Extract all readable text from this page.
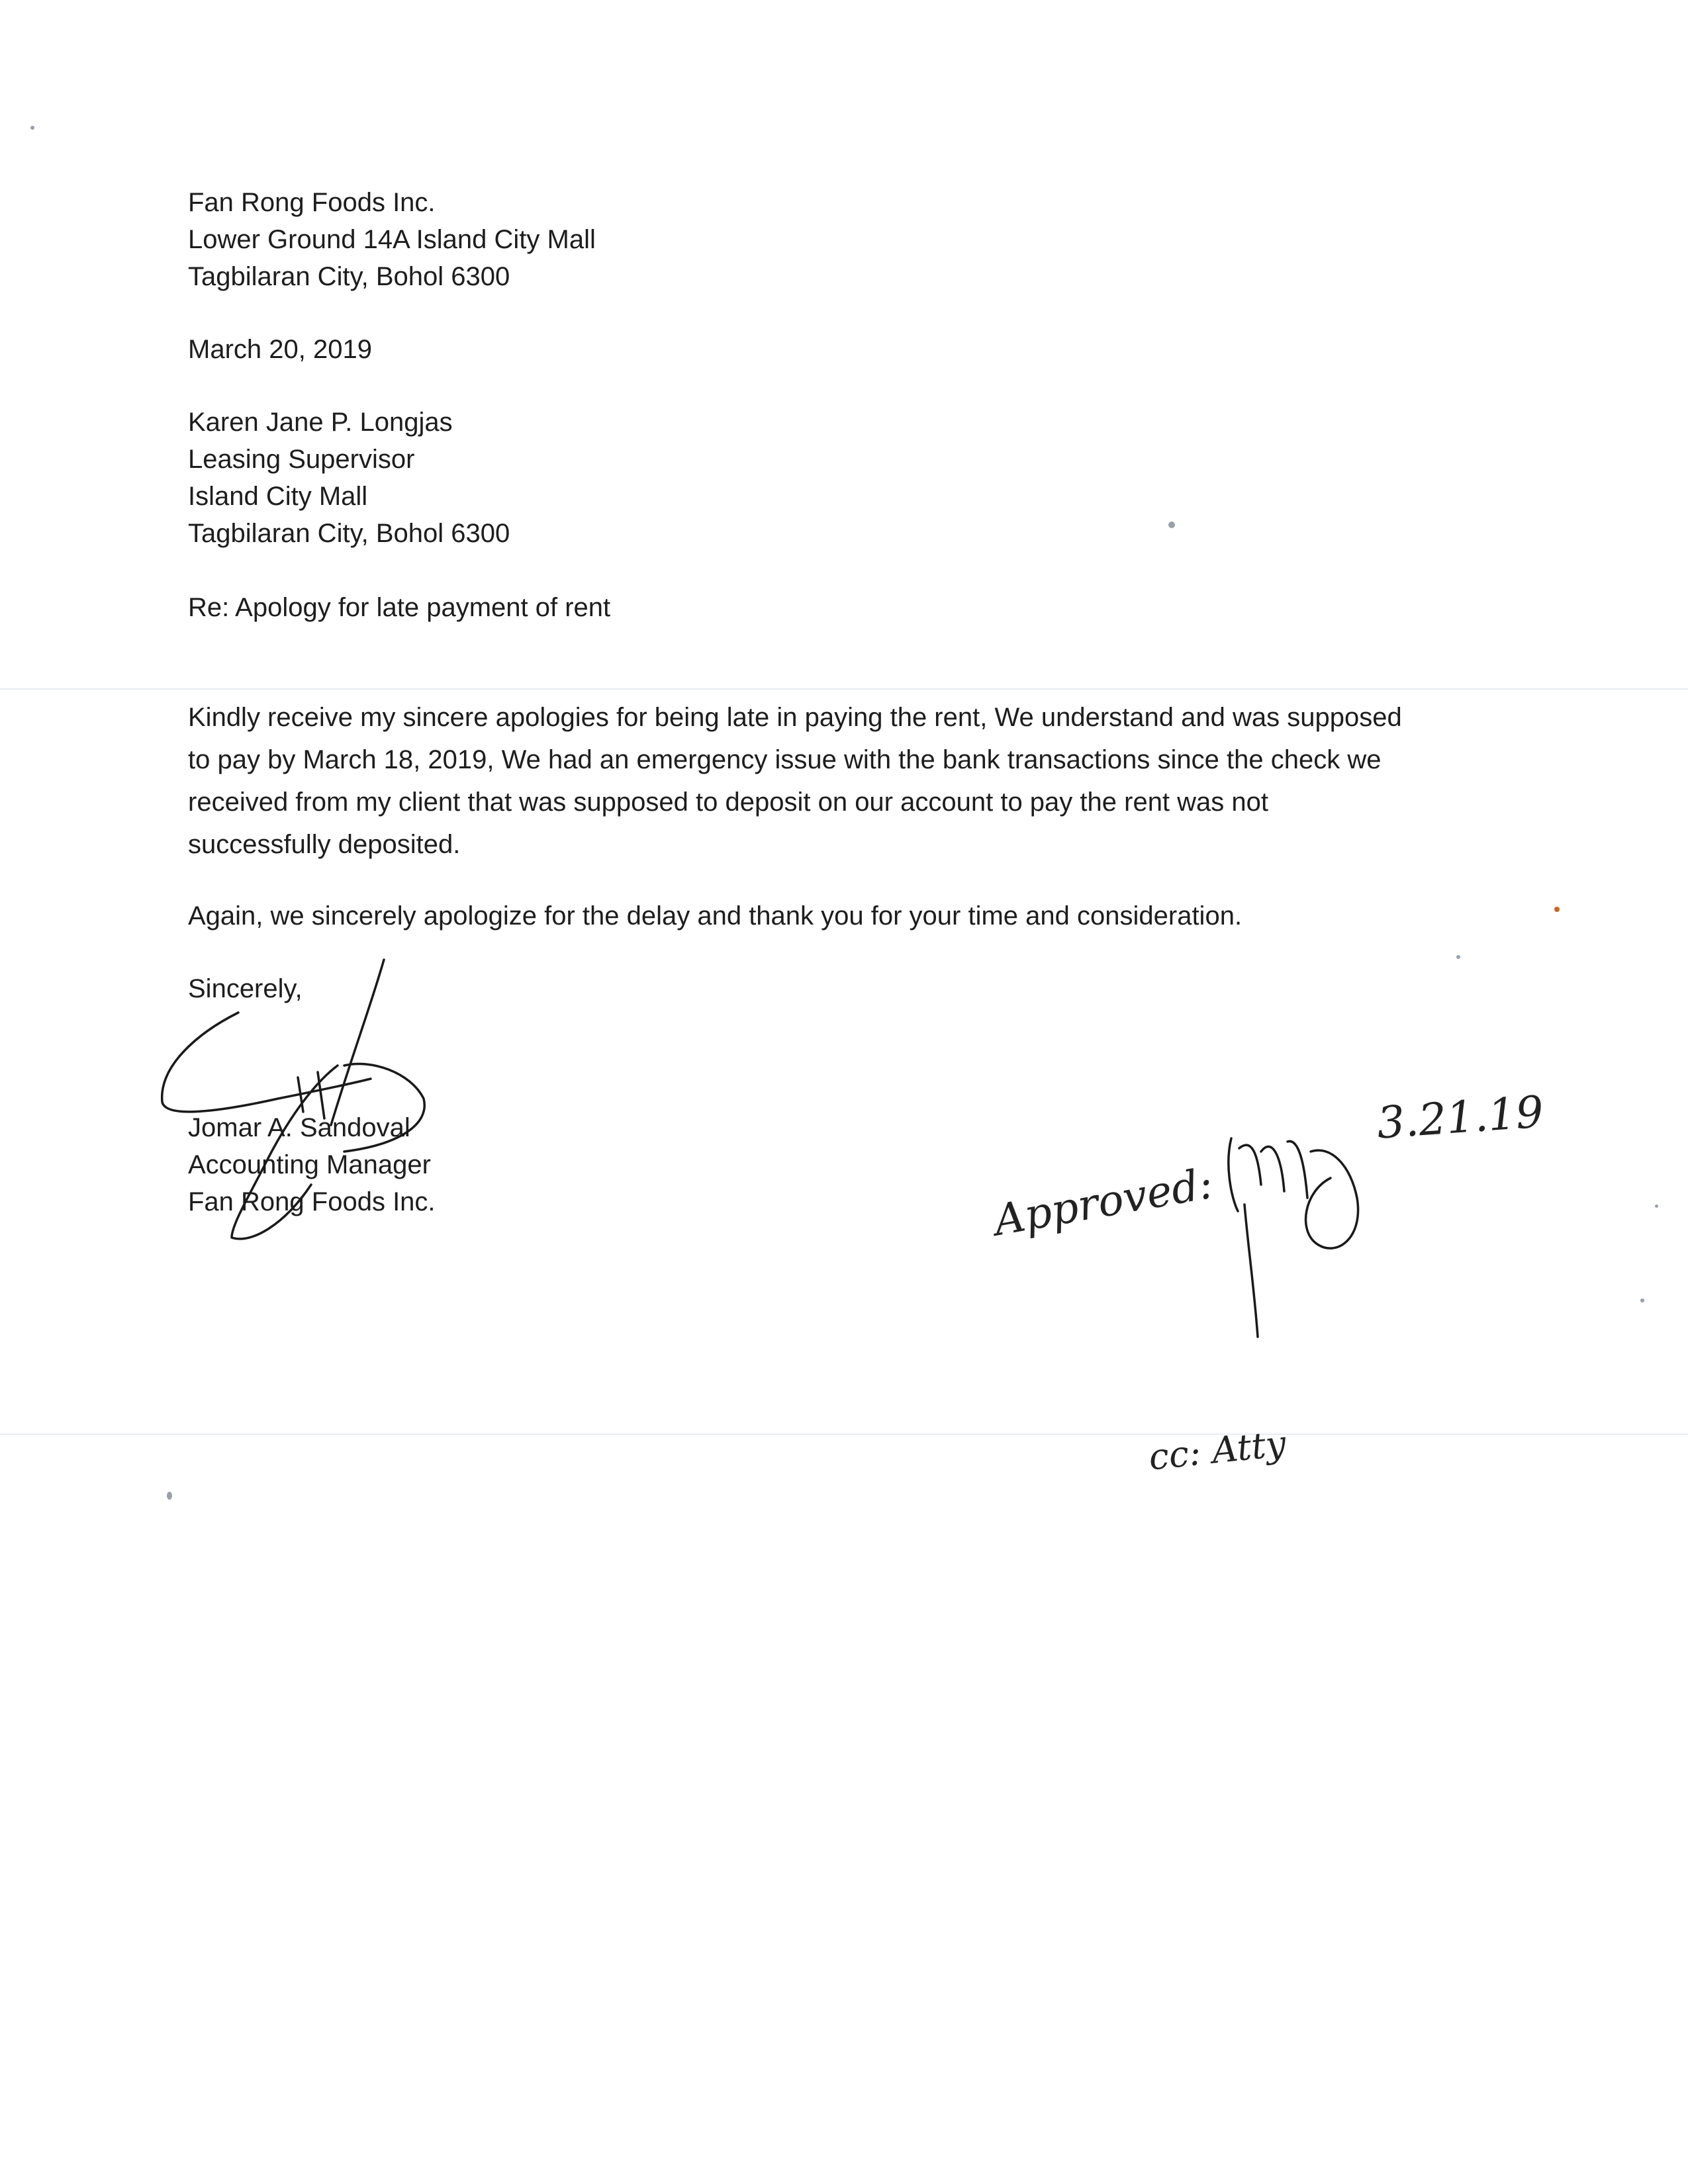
Fan Rong Foods Inc.
Lower Ground 14A Island City Mall
Tagbilaran City, Bohol 6300
March 20, 2019
Karen Jane P. Longjas
Leasing Supervisor
Island City Mall
Tagbilaran City, Bohol 6300
Re: Apology for late payment of rent
Kindly receive my sincere apologies for being late in paying the rent, We understand and was supposed
to pay by March 18, 2019, We had an emergency issue with the bank transactions since the check we
received from my client that was supposed to deposit on our account to pay the rent was not
successfully deposited.
Again, we sincerely apologize for the delay and thank you for your time and consideration.
Sincerely,
Jomar A. Sandoval
Accounting Manager
Fan Rong Foods Inc.	Approved:
3.21.19
cc: Atty
